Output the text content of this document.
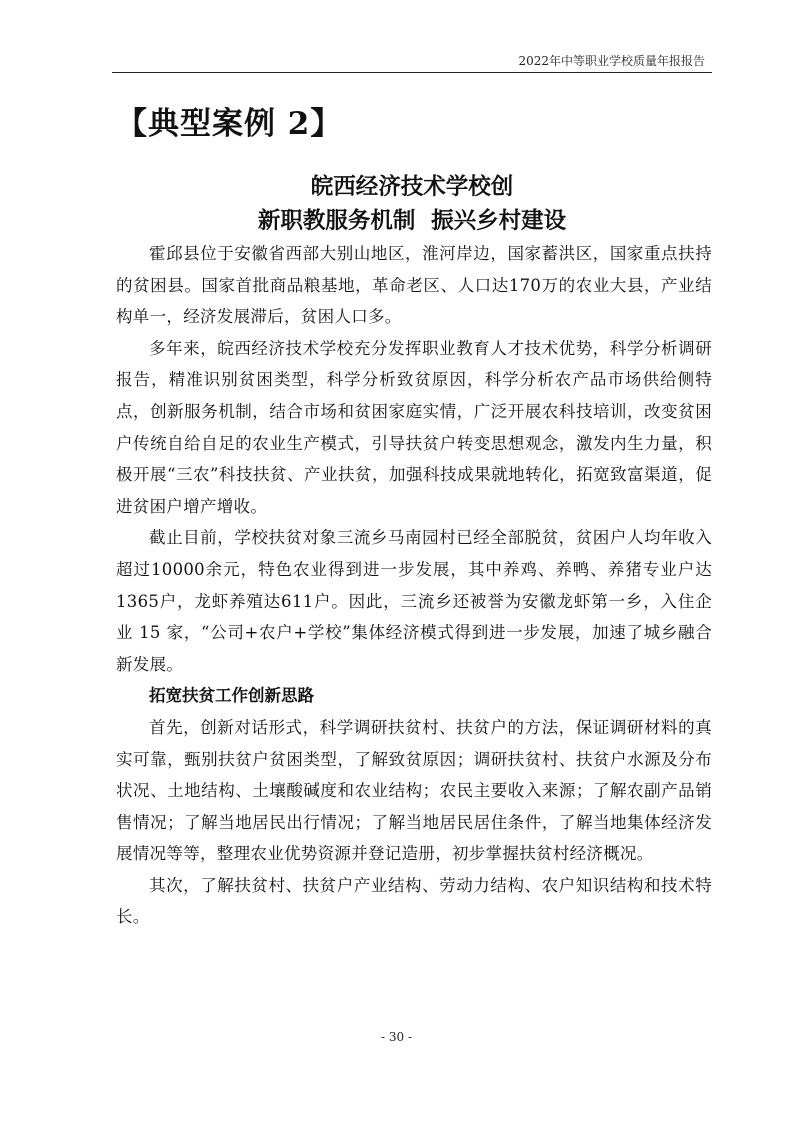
2022年中等职业学校质量年报报告
【典型案例 2】
皖西经济技术学校创
新职教服务机制  振兴乡村建设

霍邱县位于安徽省西部大别山地区，淮河岸边，国家蓄洪区，国家重点扶持的贫困县。国家首批商品粮基地，革命老区、人口达170万的农业大县，产业结构单一，经济发展滞后，贫困人口多。

多年来，皖西经济技术学校充分发挥职业教育人才技术优势，科学分析调研报告，精准识别贫困类型，科学分析致贫原因，科学分析农产品市场供给侧特点，创新服务机制，结合市场和贫困家庭实情，广泛开展农科技培训，改变贫困户传统自给自足的农业生产模式，引导扶贫户转变思想观念，激发内生力量，积极开展“三农”科技扶贫、产业扶贫，加强科技成果就地转化，拓宽致富渠道，促进贫困户增产增收。

截止目前，学校扶贫对象三流乡马南园村已经全部脱贫，贫困户人均年收入超过10000余元，特色农业得到进一步发展，其中养鸡、养鸭、养猪专业户达1365户，龙虾养殖达611户。因此，三流乡还被誉为安徽龙虾第一乡，入住企业 15 家，“公司+农户+学校”集体经济模式得到进一步发展，加速了城乡融合新发展。

拓宽扶贫工作创新思路

首先，创新对话形式，科学调研扶贫村、扶贫户的方法，保证调研材料的真实可靠，甄别扶贫户贫困类型，了解致贫原因；调研扶贫村、扶贫户水源及分布状况、土地结构、土壤酸碱度和农业结构；农民主要收入来源；了解农副产品销售情况；了解当地居民出行情况；了解当地居民居住条件，了解当地集体经济发展情况等等，整理农业优势资源并登记造册，初步掌握扶贫村经济概况。

其次，了解扶贫村、扶贫户产业结构、劳动力结构、农户知识结构和技术特长。

- 30 -
